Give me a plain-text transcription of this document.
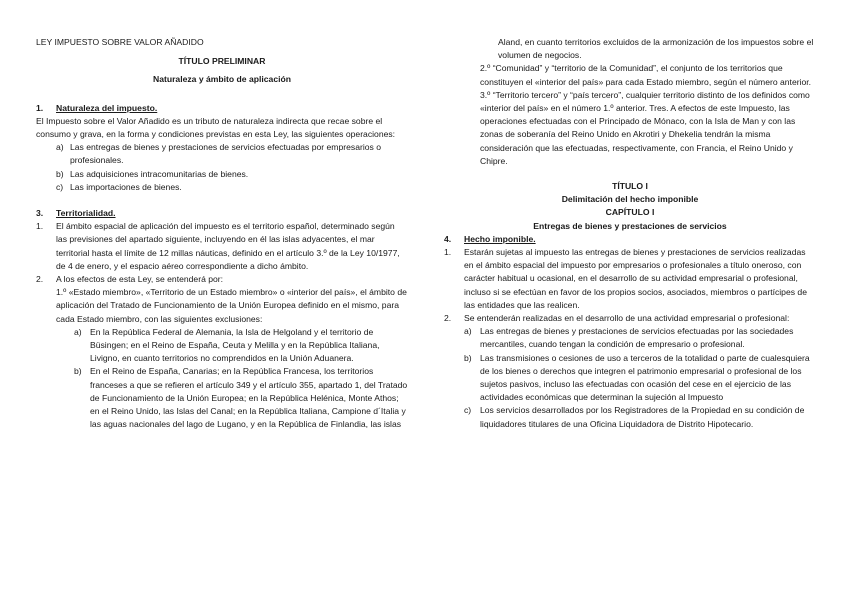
LEY IMPUESTO SOBRE VALOR AÑADIDO

TÍTULO PRELIMINAR

Naturaleza y ámbito de aplicación

1. Naturaleza del impuesto.

El Impuesto sobre el Valor Añadido es un tributo de naturaleza indirecta que recae sobre el consumo y grava, en la forma y condiciones previstas en esta Ley, las siguientes operaciones:

a) Las entregas de bienes y prestaciones de servicios efectuadas por empresarios o profesionales.
b) Las adquisiciones intracomunitarias de bienes.
c) Las importaciones de bienes.

3. Territorialidad.

1. El ámbito espacial de aplicación del impuesto es el territorio español, determinado según las previsiones del apartado siguiente, incluyendo en él las islas adyacentes, el mar territorial hasta el límite de 12 millas náuticas, definido en el artículo 3.º de la Ley 10/1977, de 4 de enero, y el espacio aéreo correspondiente a dicho ámbito.
2. A los efectos de esta Ley, se entenderá por:

1.º «Estado miembro», «Territorio de un Estado miembro» o «interior del país», el ámbito de aplicación del Tratado de Funcionamiento de la Unión Europea definido en el mismo, para cada Estado miembro, con las siguientes exclusiones:

a) En la República Federal de Alemania, la Isla de Helgoland y el territorio de Büsingen; en el Reino de España, Ceuta y Melilla y en la República Italiana, Livigno, en cuanto territorios no comprendidos en la Unión Aduanera.
b) En el Reino de España, Canarias; en la República Francesa, los territorios franceses a que se refieren el artículo 349 y el artículo 355, apartado 1, del Tratado de Funcionamiento de la Unión Europea; en la República Helénica, Monte Athos; en el Reino Unido, las Islas del Canal; en la República Italiana, Campione d´Italia y las aguas nacionales del lago de Lugano, y en la República de Finlandia, las islas

Aland, en cuanto territorios excluidos de la armonización de los impuestos sobre el volumen de negocios.

2.º “Comunidad” y “territorio de la Comunidad”, el conjunto de los territorios que constituyen el «interior del país» para cada Estado miembro, según el número anterior.

3.º “Territorio tercero” y “país tercero”, cualquier territorio distinto de los definidos como «interior del país» en el número 1.º anterior. Tres. A efectos de este Impuesto, las operaciones efectuadas con el Principado de Mónaco, con la Isla de Man y con las zonas de soberanía del Reino Unido en Akrotiri y Dhekelia tendrán la misma consideración que las efectuadas, respectivamente, con Francia, el Reino Unido y Chipre.

TÍTULO I

Delimitación del hecho imponible

CAPÍTULO I

Entregas de bienes y prestaciones de servicios

4. Hecho imponible.

1. Estarán sujetas al impuesto las entregas de bienes y prestaciones de servicios realizadas en el ámbito espacial del impuesto por empresarios o profesionales a título oneroso, con carácter habitual u ocasional, en el desarrollo de su actividad empresarial o profesional, incluso si se efectúan en favor de los propios socios, asociados, miembros o partícipes de las entidades que las realicen.
2. Se entenderán realizadas en el desarrollo de una actividad empresarial o profesional:
a) Las entregas de bienes y prestaciones de servicios efectuadas por las sociedades mercantiles, cuando tengan la condición de empresario o profesional.
b) Las transmisiones o cesiones de uso a terceros de la totalidad o parte de cualesquiera de los bienes o derechos que integren el patrimonio empresarial o profesional de los sujetos pasivos, incluso las efectuadas con ocasión del cese en el ejercicio de las actividades económicas que determinan la sujeción al Impuesto
c) Los servicios desarrollados por los Registradores de la Propiedad en su condición de liquidadores titulares de una Oficina Liquidadora de Distrito Hipotecario.
